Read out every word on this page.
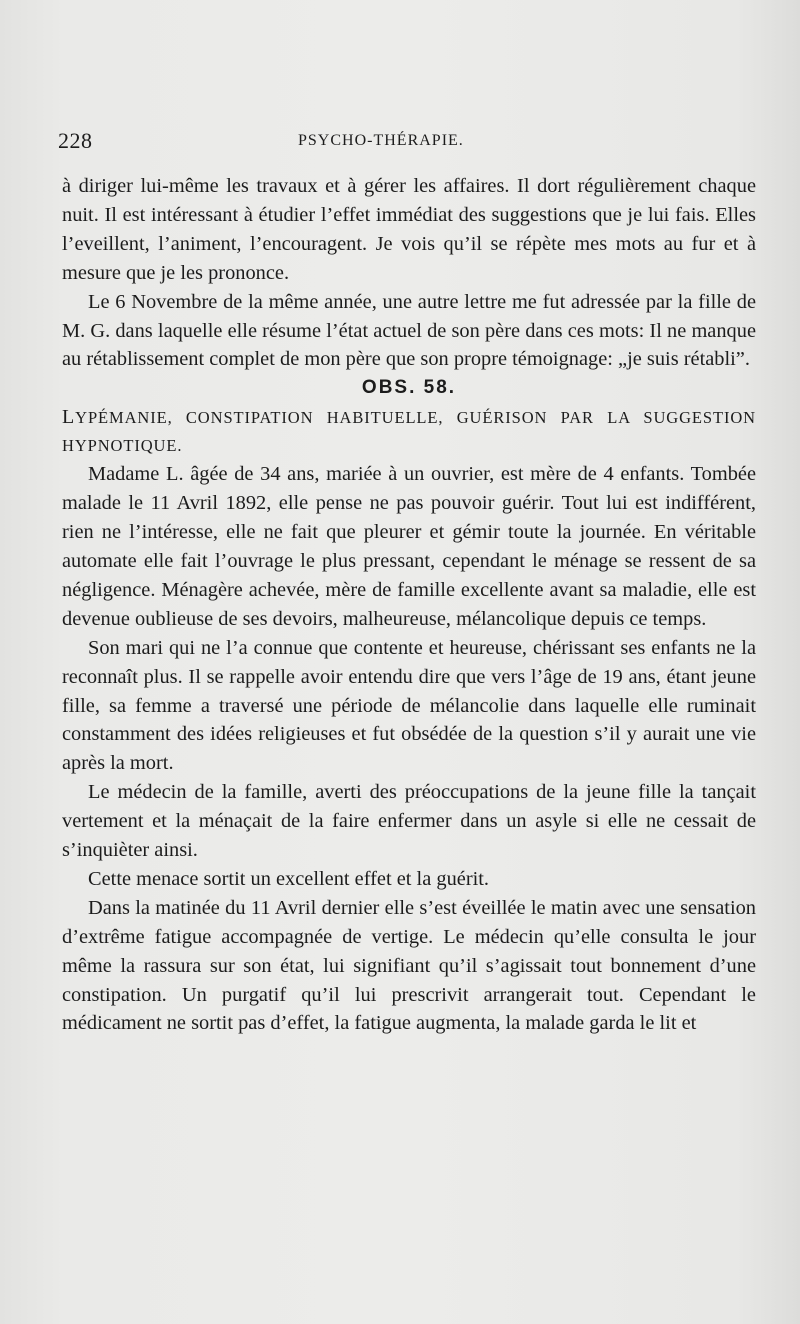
228	PSYCHO-THÉRAPIE.

à diriger lui-même les travaux et à gérer les affaires. Il dort régulièrement chaque nuit. Il est intéressant à étudier l’effet immédiat des suggestions que je lui fais. Elles l’eveillent, l’animent, l’encouragent. Je vois qu’il se répète mes mots au fur et à mesure que je les prononce.

Le 6 Novembre de la même année, une autre lettre me fut adressée par la fille de M. G. dans laquelle elle résume l’état actuel de son père dans ces mots: Il ne manque au rétablissement complet de mon père que son propre témoignage: „je suis rétabli”.

OBS. 58.

LYPÉMANIE, CONSTIPATION HABITUELLE, GUÉRISON PAR LA SUGGESTION HYPNOTIQUE.

Madame L. âgée de 34 ans, mariée à un ouvrier, est mère de 4 enfants. Tombée malade le 11 Avril 1892, elle pense ne pas pouvoir guérir. Tout lui est indifférent, rien ne l’intéresse, elle ne fait que pleurer et gémir toute la journée. En véritable automate elle fait l’ouvrage le plus pressant, cependant le ménage se ressent de sa négligence. Ménagère achevée, mère de famille excellente avant sa maladie, elle est devenue oublieuse de ses devoirs, malheureuse, mélancolique depuis ce temps.

Son mari qui ne l’a connue que contente et heureuse, chérissant ses enfants ne la reconnaît plus. Il se rappelle avoir entendu dire que vers l’âge de 19 ans, étant jeune fille, sa femme a traversé une période de mélancolie dans laquelle elle ruminait constamment des idées religieuses et fut obsédée de la question s’il y aurait une vie après la mort.

Le médecin de la famille, averti des préoccupations de la jeune fille la tançait vertement et la ménaçait de la faire enfermer dans un asyle si elle ne cessait de s’inquièter ainsi.

Cette menace sortit un excellent effet et la guérit.

Dans la matinée du 11 Avril dernier elle s’est éveillée le matin avec une sensation d’extrême fatigue accompagnée de vertige. Le médecin qu’elle consulta le jour même la rassura sur son état, lui signifiant qu’il s’agissait tout bonnement d’une constipation. Un purgatif qu’il lui prescrivit arrangerait tout. Cependant le médicament ne sortit pas d’effet, la fatigue augmenta, la malade garda le lit et
